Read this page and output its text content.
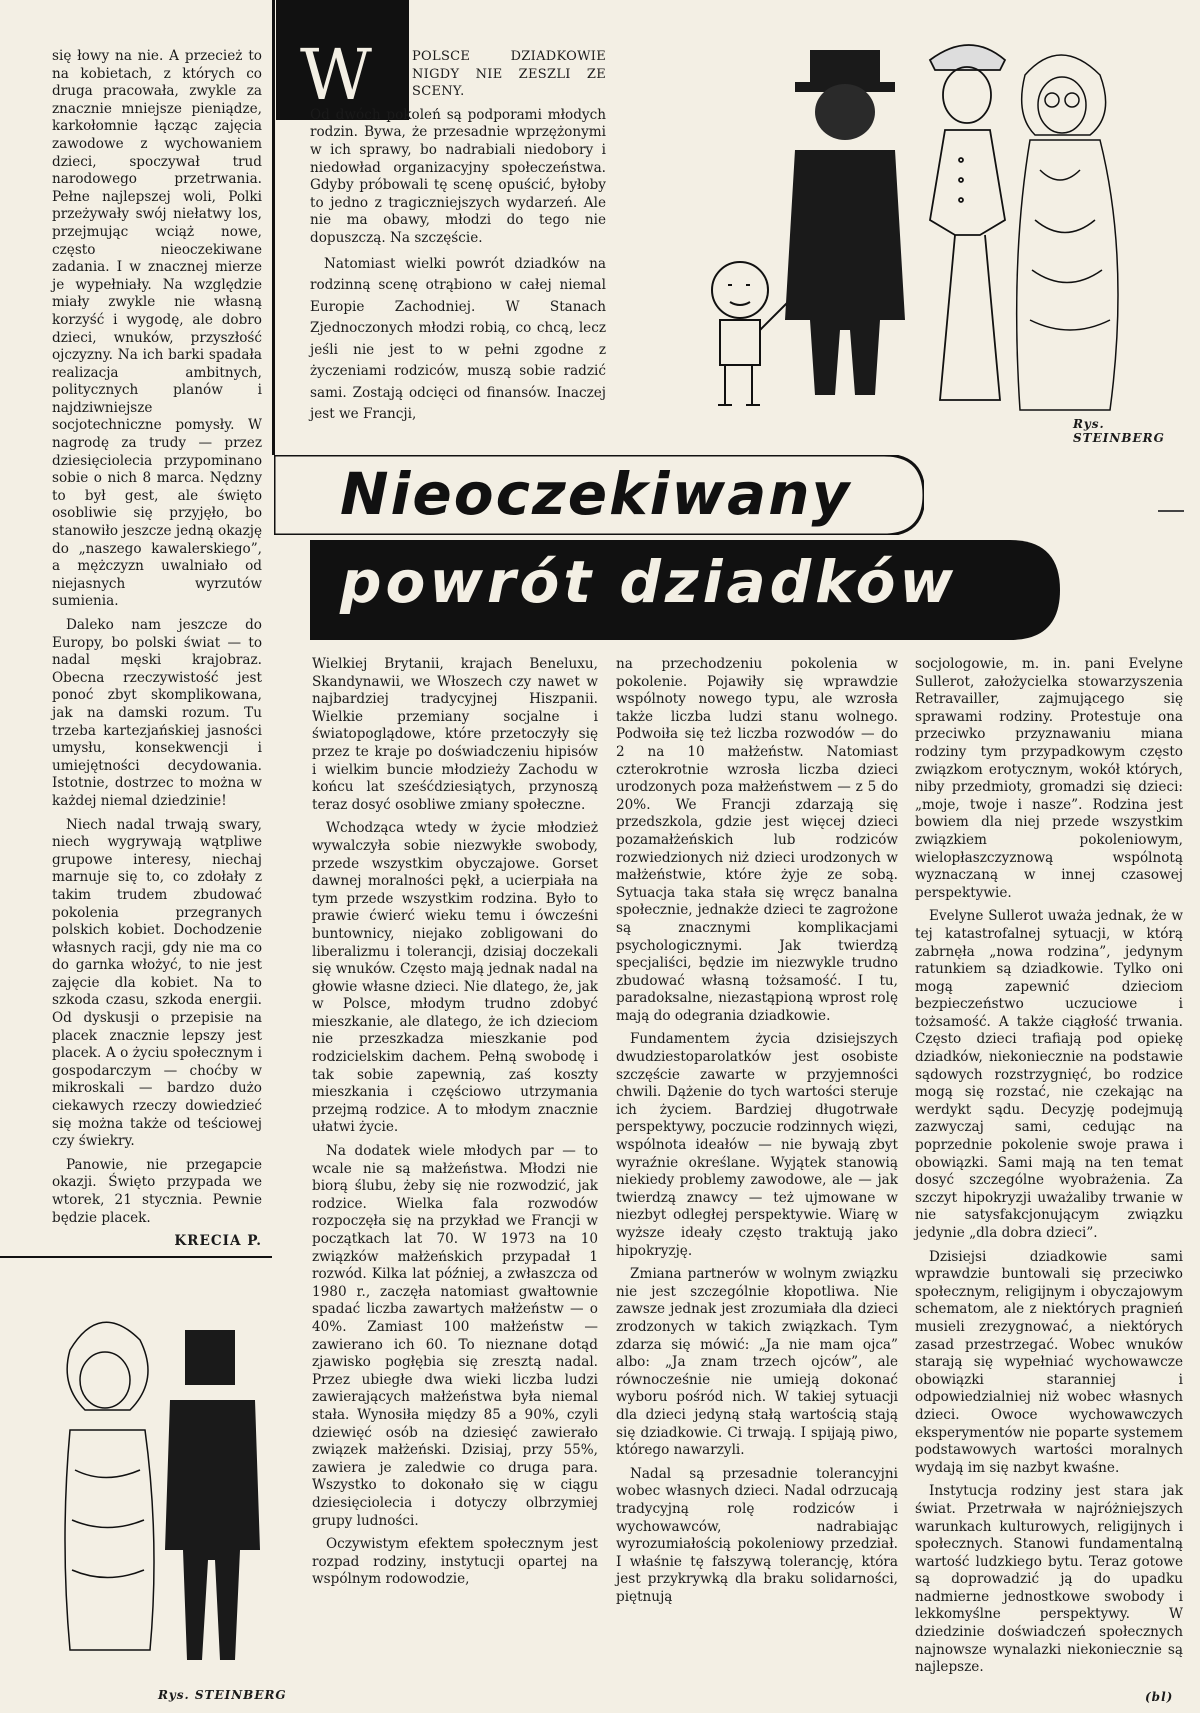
się łowy na nie. A przecież to na kobietach, z których co druga pracowała, zwykle za znacznie mniejsze pieniądze, karkołomnie łącząc zajęcia zawodowe z wychowaniem dzieci, spoczywał trud narodowego przetrwania. Pełne najlepszej woli, Polki przeżywały swój niełatwy los, przejmując wciąż nowe, często nieoczekiwane zadania. I w znacznej mierze je wypełniały. Na względzie miały zwykle nie własną korzyść i wygodę, ale dobro dzieci, wnuków, przyszłość ojczyzny. Na ich barki spadała realizacja ambitnych, politycznych planów i najdziwniejsze socjotechniczne pomysły. W nagrodę za trudy — przez dziesięciolecia przypominano sobie o nich 8 marca. Nędzny to był gest, ale święto osobliwie się przyjęło, bo stanowiło jeszcze jedną okazję do „naszego kawalerskiego”, a mężczyzn uwalniało od niejasnych wyrzutów sumienia.

Daleko nam jeszcze do Europy, bo polski świat — to nadal męski krajobraz. Obecna rzeczywistość jest ponoć zbyt skomplikowana, jak na damski rozum. Tu trzeba kartezjańskiej jasności umysłu, konsekwencji i umiejętności decydowania. Istotnie, dostrzec to można w każdej niemal dziedzinie!

Niech nadal trwają swary, niech wygrywają wątpliwe grupowe interesy, niechaj marnuje się to, co zdołały z takim trudem zbudować pokolenia przegranych polskich kobiet. Dochodzenie własnych racji, gdy nie ma co do garnka włożyć, to nie jest zajęcie dla kobiet. Na to szkoda czasu, szkoda energii. Od dyskusji o przepisie na placek znacznie lepszy jest placek. A o życiu społecznym i gospodarczym — choćby w mikroskali — bardzo dużo ciekawych rzeczy dowiedzieć się można także od teściowej czy świekry.

Panowie, nie przegapcie okazji. Święto przypada we wtorek, 21 stycznia. Pewnie będzie placek.

KRECIA P.
W	POLSCE DZIADKOWIE NIGDY NIE ZESZLI ZE SCENY.

Od dwóch pokoleń są podporami młodych rodzin. Bywa, że przesadnie wprzężonymi w ich sprawy, bo nadrabiali niedobory i niedowład organizacyjny społeczeństwa. Gdyby próbowali tę scenę opuścić, byłoby to jedno z tragiczniejszych wydarzeń. Ale nie ma obawy, młodzi do tego nie dopuszczą. Na szczęście.

Natomiast wielki powrót dziadków na rodzinną scenę otrąbiono w całej niemal Europie Zachodniej. W Stanach Zjednoczonych młodzi robią, co chcą, lecz jeśli nie jest to w pełni zgodne z życzeniami rodziców, muszą sobie radzić sami. Zostają odcięci od finansów. Inaczej jest we Francji,

Rys. STEINBERG
Nieoczekiwany
powrót dziadków

Wielkiej Brytanii, krajach Beneluxu, Skandynawii, we Włoszech czy nawet w najbardziej tradycyjnej Hiszpanii. Wielkie przemiany socjalne i światopoglądowe, które przetoczyły się przez te kraje po doświadczeniu hipisów i wielkim buncie młodzieży Zachodu w końcu lat sześćdziesiątych, przynoszą teraz dosyć osobliwe zmiany społeczne.

Wchodząca wtedy w życie młodzież wywalczyła sobie niezwykłe swobody, przede wszystkim obyczajowe. Gorset dawnej moralności pękł, a ucierpiała na tym przede wszystkim rodzina. Było to prawie ćwierć wieku temu i ówcześni buntownicy, niejako zobligowani do liberalizmu i tolerancji, dzisiaj doczekali się wnuków. Często mają jednak nadal na głowie własne dzieci. Nie dlatego, że, jak w Polsce, młodym trudno zdobyć mieszkanie, ale dlatego, że ich dzieciom nie przeszkadza mieszkanie pod rodzicielskim dachem. Pełną swobodę i tak sobie zapewnią, zaś koszty mieszkania i częściowo utrzymania przejmą rodzice. A to młodym znacznie ułatwi życie.

Na dodatek wiele młodych par — to wcale nie są małżeństwa. Młodzi nie biorą ślubu, żeby się nie rozwodzić, jak rodzice. Wielka fala rozwodów rozpoczęła się na przykład we Francji w początkach lat 70. W 1973 na 10 związków małżeńskich przypadał 1 rozwód. Kilka lat później, a zwłaszcza od 1980 r., zaczęła natomiast gwałtownie spadać liczba zawartych małżeństw — o 40%. Zamiast 100 małżeństw — zawierano ich 60. To nieznane dotąd zjawisko pogłębia się zresztą nadal. Przez ubiegłe dwa wieki liczba ludzi zawierających małżeństwa była niemal stała. Wynosiła między 85 a 90%, czyli dziewięć osób na dziesięć zawierało związek małżeński. Dzisiaj, przy 55%, zawiera je zaledwie co druga para. Wszystko to dokonało się w ciągu dziesięciolecia i dotyczy olbrzymiej grupy ludności.

Oczywistym efektem społecznym jest rozpad rodziny, instytucji opartej na wspólnym rodowodzie,

na przechodzeniu pokolenia w pokolenie. Pojawiły się wprawdzie wspólnoty nowego typu, ale wzrosła także liczba ludzi stanu wolnego. Podwoiła się też liczba rozwodów — do 2 na 10 małżeństw. Natomiast czterokrotnie wzrosła liczba dzieci urodzonych poza małżeństwem — z 5 do 20%. We Francji zdarzają się przedszkola, gdzie jest więcej dzieci pozamałżeńskich lub rodziców rozwiedzionych niż dzieci urodzonych w małżeństwie, które żyje ze sobą. Sytuacja taka stała się wręcz banalna społecznie, jednakże dzieci te zagrożone są znacznymi komplikacjami psychologicznymi. Jak twierdzą specjaliści, będzie im niezwykle trudno zbudować własną tożsamość. I tu, paradoksalne, niezastąpioną wprost rolę mają do odegrania dziadkowie.

Fundamentem życia dzisiejszych dwudziestoparolatków jest osobiste szczęście zawarte w przyjemności chwili. Dążenie do tych wartości steruje ich życiem. Bardziej długotrwałe perspektywy, poczucie rodzinnych więzi, wspólnota ideałów — nie bywają zbyt wyraźnie określane. Wyjątek stanowią niekiedy problemy zawodowe, ale — jak twierdzą znawcy — też ujmowane w niezbyt odległej perspektywie. Wiarę w wyższe ideały często traktują jako hipokryzję.

Zmiana partnerów w wolnym związku nie jest szczególnie kłopotliwa. Nie zawsze jednak jest zrozumiała dla dzieci zrodzonych w takich związkach. Tym zdarza się mówić: „Ja nie mam ojca” albo: „Ja znam trzech ojców”, ale równocześnie nie umieją dokonać wyboru pośród nich. W takiej sytuacji dla dzieci jedyną stałą wartością stają się dziadkowie. Ci trwają. I spijają piwo, którego nawarzyli.

Nadal są przesadnie tolerancyjni wobec własnych dzieci. Nadal odrzucają tradycyjną rolę rodziców i wychowawców, nadrabiając wyrozumiałością pokoleniowy przedział. I właśnie tę fałszywą tolerancję, która jest przykrywką dla braku solidarności, piętnują

socjologowie, m. in. pani Evelyne Sullerot, założycielka stowarzyszenia Retravailler, zajmującego się sprawami rodziny. Protestuje ona przeciwko przyznawaniu miana rodziny tym przypadkowym często związkom erotycznym, wokół których, niby przedmioty, gromadzi się dzieci: „moje, twoje i nasze”. Rodzina jest bowiem dla niej przede wszystkim związkiem pokoleniowym, wielopłaszczyznową wspólnotą wyznaczaną w innej czasowej perspektywie.

Evelyne Sullerot uważa jednak, że w tej katastrofalnej sytuacji, w którą zabrnęła „nowa rodzina”, jedynym ratunkiem są dziadkowie. Tylko oni mogą zapewnić dzieciom bezpieczeństwo uczuciowe i tożsamość. A także ciągłość trwania. Często dzieci trafiają pod opiekę dziadków, niekoniecznie na podstawie sądowych rozstrzygnięć, bo rodzice mogą się rozstać, nie czekając na werdykt sądu. Decyzję podejmują zazwyczaj sami, cedując na poprzednie pokolenie swoje prawa i obowiązki. Sami mają na ten temat dosyć szczególne wyobrażenia. Za szczyt hipokryzji uważaliby trwanie w nie satysfakcjonującym związku jedynie „dla dobra dzieci”.

Dzisiejsi dziadkowie sami wprawdzie buntowali się przeciwko społecznym, religijnym i obyczajowym schematom, ale z niektórych pragnień musieli zrezygnować, a niektórych zasad przestrzegać. Wobec wnuków starają się wypełniać wychowawcze obowiązki staranniej i odpowiedzialniej niż wobec własnych dzieci. Owoce wychowawczych eksperymentów nie poparte systemem podstawowych wartości moralnych wydają im się nazbyt kwaśne.

Instytucja rodziny jest stara jak świat. Przetrwała w najróżniejszych warunkach kulturowych, religijnych i społecznych. Stanowi fundamentalną wartość ludzkiego bytu. Teraz gotowe są doprowadzić ją do upadku nadmierne jednostkowe swobody i lekkomyślne perspektywy. W dziedzinie doświadczeń społecznych najnowsze wynalazki niekoniecznie są najlepsze.

(bl)
Rys. STEINBERG
